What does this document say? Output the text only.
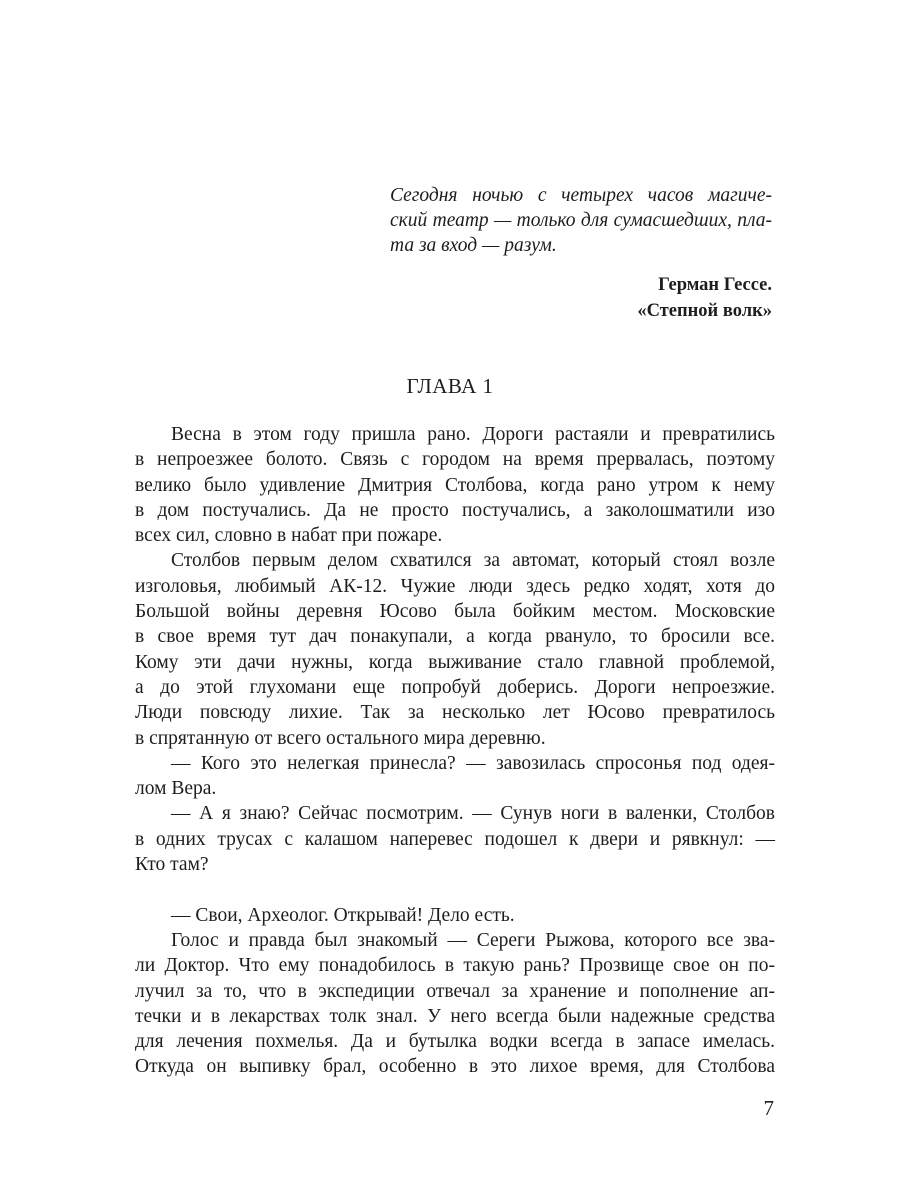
Сегодня ночью с четырех часов магиче-
ский театр — только для сумасшедших, пла-
та за вход — разум.
Герман Гессе.
«Степной волк»
ГЛАВА 1
Весна в этом году пришла рано. Дороги растаяли и превратились
в непроезжее болото. Связь с городом на время прервалась, поэтому
велико было удивление Дмитрия Столбова, когда рано утром к нему
в дом постучались. Да не просто постучались, а заколошматили изо
всех сил, словно в набат при пожаре.
Столбов первым делом схватился за автомат, который стоял возле
изголовья, любимый АК-12. Чужие люди здесь редко ходят, хотя до
Большой войны деревня Юсово была бойким местом. Московские
в свое время тут дач понакупали, а когда рвануло, то бросили все.
Кому эти дачи нужны, когда выживание стало главной проблемой,
а до этой глухомани еще попробуй доберись. Дороги непроезжие.
Люди повсюду лихие. Так за несколько лет Юсово превратилось
в спрятанную от всего остального мира деревню.
— Кого это нелегкая принесла? — завозилась спросонья под одея-
лом Вера.
— А я знаю? Сейчас посмотрим. — Сунув ноги в валенки, Столбов
в одних трусах с калашом наперевес подошел к двери и рявкнул: —
Кто там?
— Свои, Археолог. Открывай! Дело есть.
Голос и правда был знакомый — Сереги Рыжова, которого все зва-
ли Доктор. Что ему понадобилось в такую рань? Прозвище свое он по-
лучил за то, что в экспедиции отвечал за хранение и пополнение ап-
течки и в лекарствах толк знал. У него всегда были надежные средства
для лечения похмелья. Да и бутылка водки всегда в запасе имелась.
Откуда он выпивку брал, особенно в это лихое время, для Столбова
7
